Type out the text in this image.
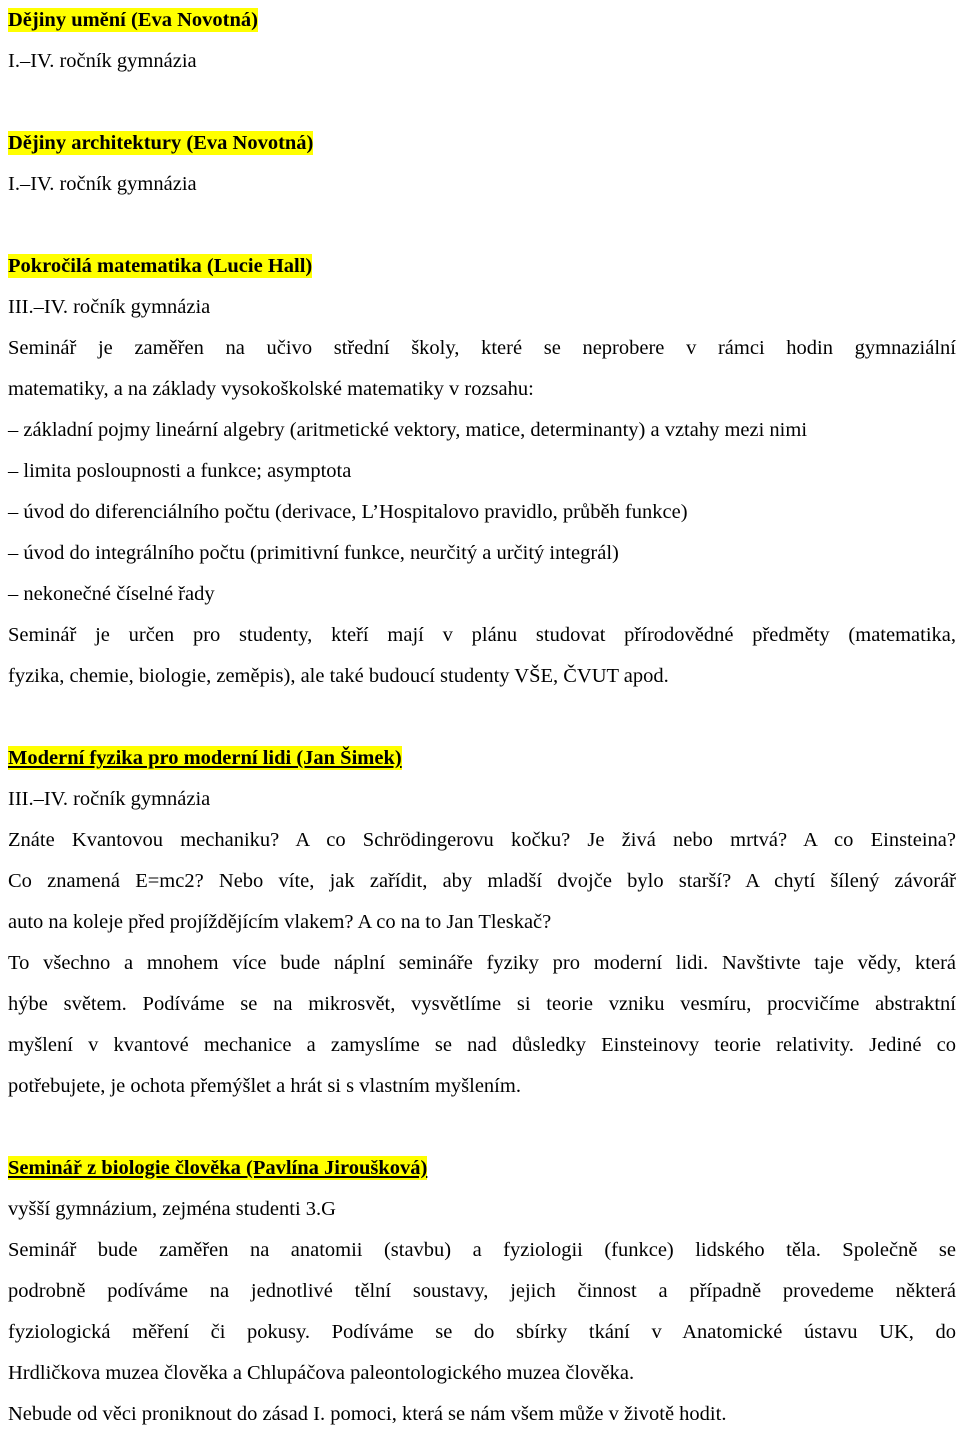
Dějiny umění (Eva Novotná)
I.–IV. ročník gymnázia
Dějiny architektury (Eva Novotná)
I.–IV. ročník gymnázia
Pokročilá matematika (Lucie Hall)
III.–IV. ročník gymnázia
Seminář je zaměřen na učivo střední školy, které se neprobere v rámci hodin gymnaziální
matematiky, a na základy vysokoškolské matematiky v rozsahu:
– základní pojmy lineární algebry (aritmetické vektory, matice, determinanty) a vztahy mezi nimi
– limita posloupnosti a funkce; asymptota
– úvod do diferenciálního počtu (derivace, L’Hospitalovo pravidlo, průběh funkce)
– úvod do integrálního počtu (primitivní funkce, neurčitý a určitý integrál)
– nekonečné číselné řady
Seminář je určen pro studenty, kteří mají v plánu studovat přírodovědné předměty (matematika,
fyzika, chemie, biologie, zeměpis), ale také budoucí studenty VŠE, ČVUT apod.
Moderní fyzika pro moderní lidi (Jan Šimek)
III.–IV. ročník gymnázia
Znáte Kvantovou mechaniku? A co Schrödingerovu kočku? Je živá nebo mrtvá? A co Einsteina?
Co znamená E=mc2? Nebo víte, jak zařídit, aby mladší dvojče bylo starší? A chytí šílený závorář
auto na koleje před projíždějícím vlakem? A co na to Jan Tleskač?
To všechno a mnohem více bude náplní semináře fyziky pro moderní lidi. Navštivte taje vědy, která
hýbe světem. Podíváme se na mikrosvět, vysvětlíme si teorie vzniku vesmíru, procvičíme abstraktní
myšlení v kvantové mechanice a zamyslíme se nad důsledky Einsteinovy teorie relativity. Jediné co
potřebujete, je ochota přemýšlet a hrát si s vlastním myšlením.
Seminář z biologie člověka (Pavlína Jiroušková)
vyšší gymnázium, zejména studenti 3.G
Seminář bude zaměřen na anatomii (stavbu) a fyziologii (funkce) lidského těla. Společně se
podrobně podíváme na jednotlivé tělní soustavy, jejich činnost a případně provedeme některá
fyziologická měření či pokusy. Podíváme se do sbírky tkání v Anatomické ústavu UK, do
Hrdličkova muzea člověka a Chlupáčova paleontologického muzea člověka.
Nebude od věci proniknout do zásad I. pomoci, která se nám všem může v životě hodit.
